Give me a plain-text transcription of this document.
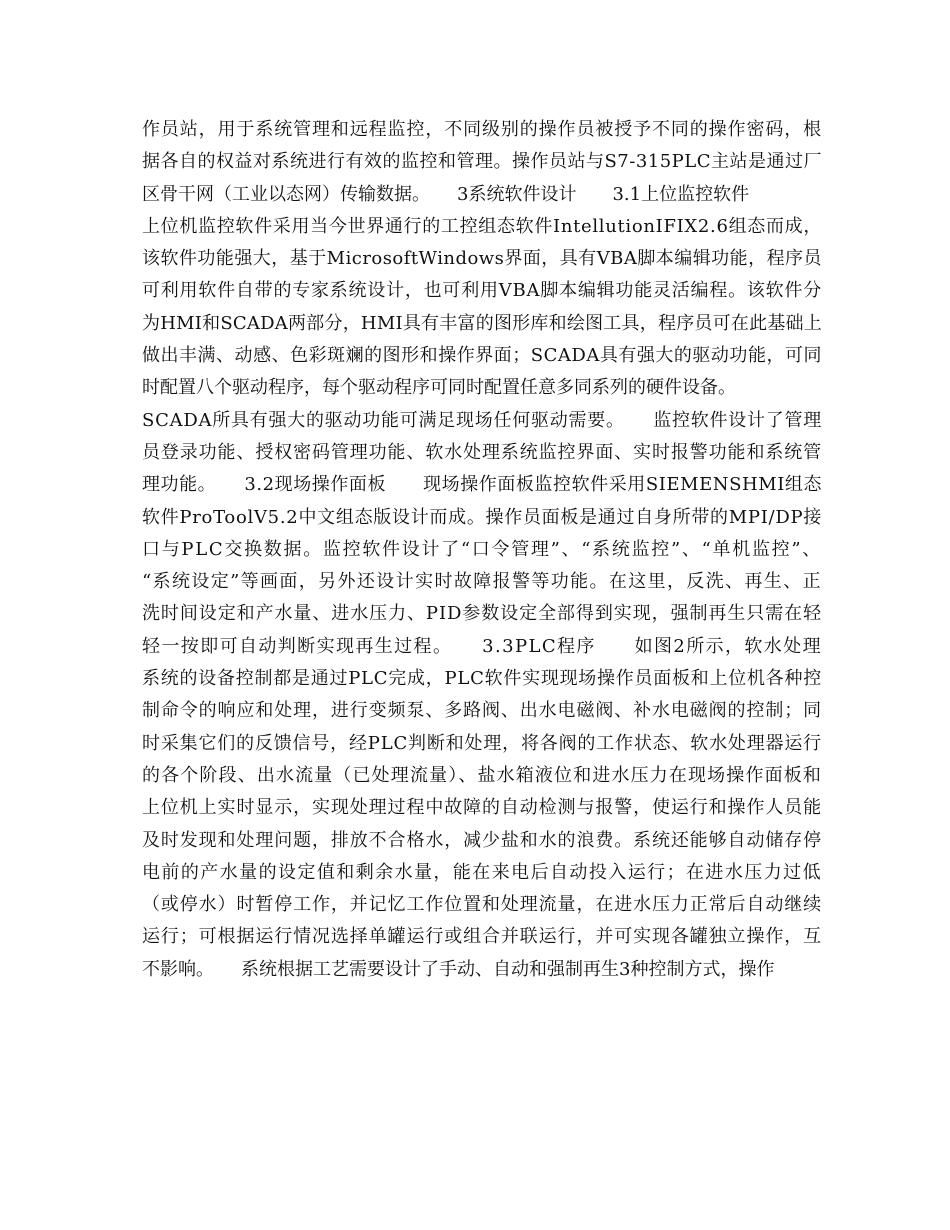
作员站，用于系统管理和远程监控，不同级别的操作员被授予不同的操作密码，根
据各自的权益对系统进行有效的监控和管理。操作员站与S7-315PLC主站是通过厂
区骨干网（工业以态网）传输数据。　　3系统软件设计　　3.1上位监控软件
上位机监控软件采用当今世界通行的工控组态软件IntellutionIFIX2.6组态而成，
该软件功能强大，基于MicrosoftWindows界面，具有VBA脚本编辑功能，程序员
可利用软件自带的专家系统设计，也可利用VBA脚本编辑功能灵活编程。该软件分
为HMI和SCADA两部分，HMI具有丰富的图形库和绘图工具，程序员可在此基础上
做出丰满、动感、色彩斑斓的图形和操作界面；SCADA具有强大的驱动功能，可同
时配置八个驱动程序，每个驱动程序可同时配置任意多同系列的硬件设备。
SCADA所具有强大的驱动功能可满足现场任何驱动需要。　　监控软件设计了管理
员登录功能、授权密码管理功能、软水处理系统监控界面、实时报警功能和系统管
理功能。　　3.2现场操作面板　　现场操作面板监控软件采用SIEMENSHMI组态
软件ProToolV5.2中文组态版设计而成。操作员面板是通过自身所带的MPI/DP接
口与PLC交换数据。监控软件设计了“口令管理”、“系统监控”、“单机监控”、
“系统设定”等画面，另外还设计实时故障报警等功能。在这里，反洗、再生、正
洗时间设定和产水量、进水压力、PID参数设定全部得到实现，强制再生只需在轻
轻一按即可自动判断实现再生过程。　　3.3PLC程序　　如图2所示，软水处理
系统的设备控制都是通过PLC完成，PLC软件实现现场操作员面板和上位机各种控
制命令的响应和处理，进行变频泵、多路阀、出水电磁阀、补水电磁阀的控制；同
时采集它们的反馈信号，经PLC判断和处理，将各阀的工作状态、软水处理器运行
的各个阶段、出水流量（已处理流量）、盐水箱液位和进水压力在现场操作面板和
上位机上实时显示，实现处理过程中故障的自动检测与报警，使运行和操作人员能
及时发现和处理问题，排放不合格水，减少盐和水的浪费。系统还能够自动储存停
电前的产水量的设定值和剩余水量，能在来电后自动投入运行；在进水压力过低
（或停水）时暂停工作，并记忆工作位置和处理流量，在进水压力正常后自动继续
运行；可根据运行情况选择单罐运行或组合并联运行，并可实现各罐独立操作，互
不影响。　　系统根据工艺需要设计了手动、自动和强制再生3种控制方式，操作
